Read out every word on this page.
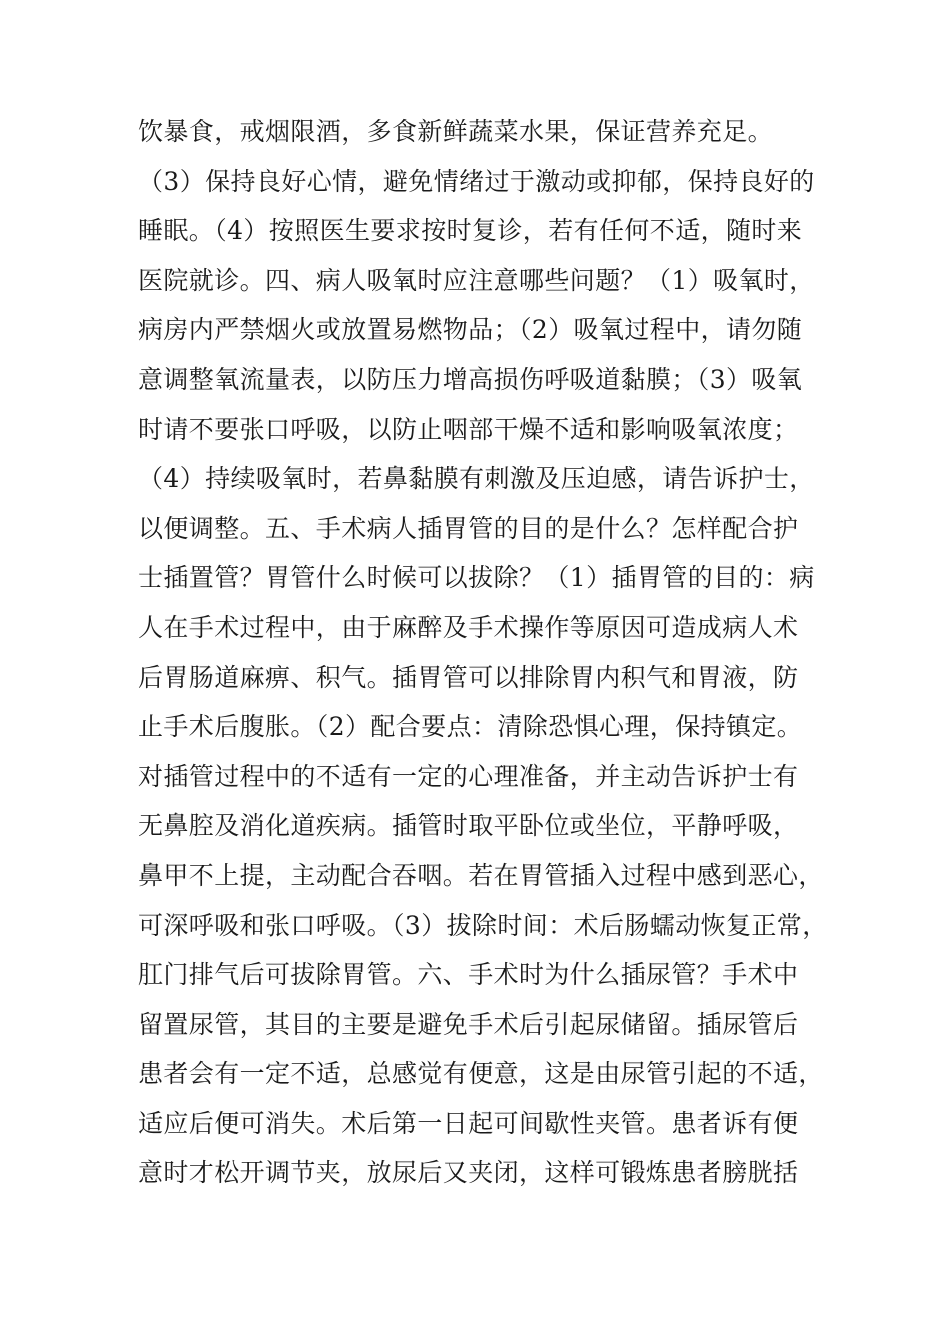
饮暴食，戒烟限酒，多食新鲜蔬菜水果，保证营养充足。
（3）保持良好心情，避免情绪过于激动或抑郁，保持良好的
睡眠。（4）按照医生要求按时复诊，若有任何不适，随时来
医院就诊。四、病人吸氧时应注意哪些问题？（1）吸氧时，
病房内严禁烟火或放置易燃物品；（2）吸氧过程中，请勿随
意调整氧流量表，以防压力增高损伤呼吸道黏膜；（3）吸氧
时请不要张口呼吸，以防止咽部干燥不适和影响吸氧浓度；
（4）持续吸氧时，若鼻黏膜有刺激及压迫感，请告诉护士，
以便调整。五、手术病人插胃管的目的是什么？怎样配合护
士插置管？胃管什么时候可以拔除？（1）插胃管的目的：病
人在手术过程中，由于麻醉及手术操作等原因可造成病人术
后胃肠道麻痹、积气。插胃管可以排除胃内积气和胃液，防
止手术后腹胀。（2）配合要点：清除恐惧心理，保持镇定。
对插管过程中的不适有一定的心理准备，并主动告诉护士有
无鼻腔及消化道疾病。插管时取平卧位或坐位，平静呼吸，
鼻甲不上提，主动配合吞咽。若在胃管插入过程中感到恶心，
可深呼吸和张口呼吸。（3）拔除时间：术后肠蠕动恢复正常，
肛门排气后可拔除胃管。六、手术时为什么插尿管？手术中
留置尿管，其目的主要是避免手术后引起尿储留。插尿管后
患者会有一定不适，总感觉有便意，这是由尿管引起的不适，
适应后便可消失。术后第一日起可间歇性夹管。患者诉有便
意时才松开调节夹，放尿后又夹闭，这样可锻炼患者膀胱括
